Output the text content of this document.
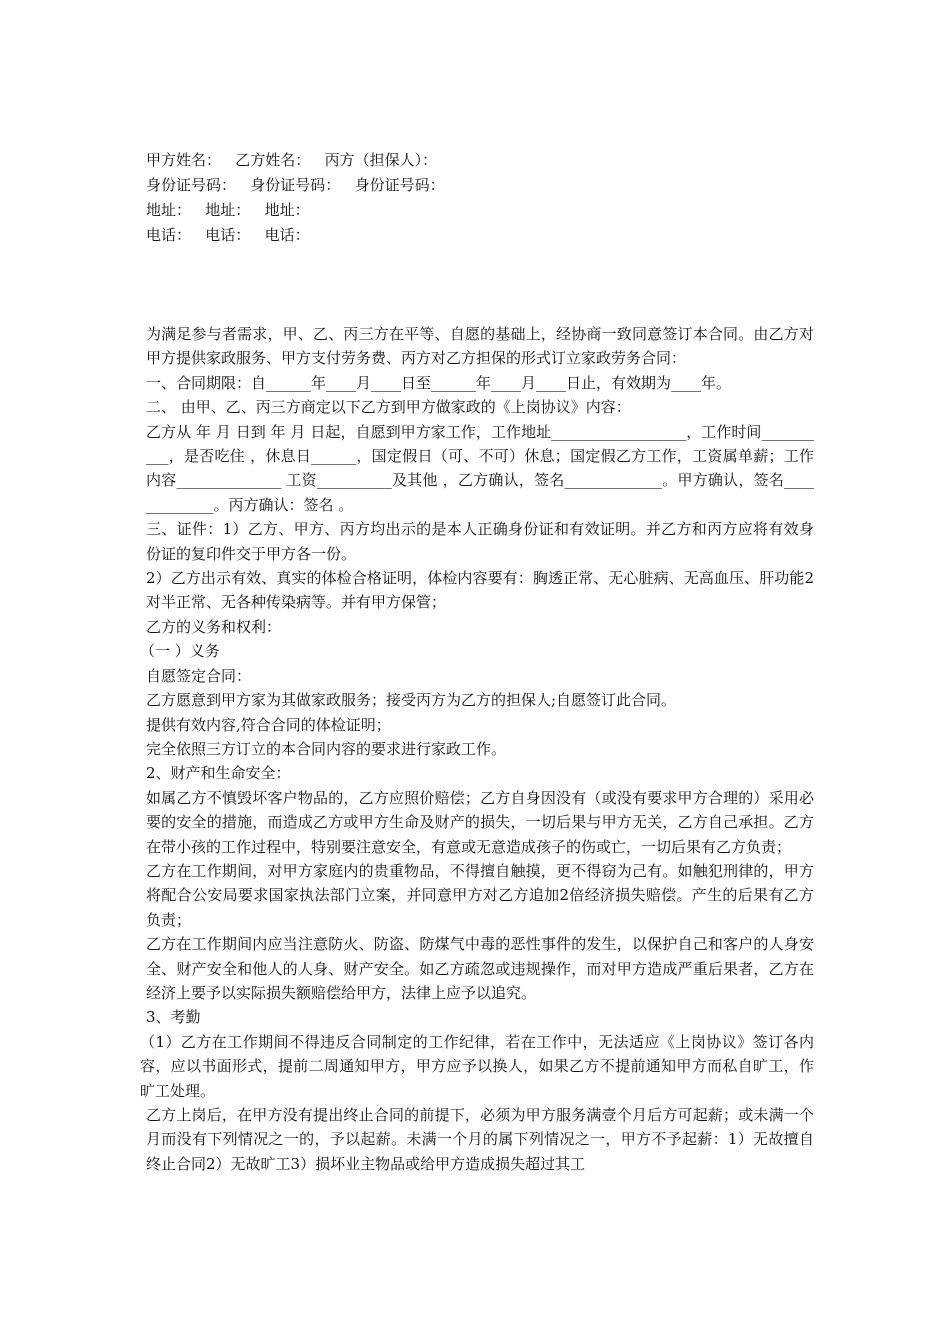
甲方姓名：   乙方姓名：   丙方（担保人）：
身份证号码：   身份证号码：   身份证号码：
地址：   地址：   地址：
电话：   电话：   电话：

为满足参与者需求，甲、乙、丙三方在平等、自愿的基础上，经协商一致同意签订本合同。由乙方对甲方提供家政服务、甲方支付劳务费、丙方对乙方担保的形式订立家政劳务合同：

一、合同期限：自______年____月____日至______年____月____日止，有效期为____年。

二、 由甲、乙、丙三方商定以下乙方到甲方做家政的《上岗协议》内容：

乙方从 年 月 日到 年 月 日起，自愿到甲方家工作，工作地址__________________，工作时间__________，是否吃住 ，休息日______，国定假日（可、不可）休息；国定假乙方工作，工资属单薪；工作内容______________ 工资__________及其他 ，乙方确认，签名_____________。甲方确认，签名_____________。丙方确认：签名 。

三、证件：1）乙方、甲方、丙方均出示的是本人正确身份证和有效证明。并乙方和丙方应将有效身份证的复印件交于甲方各一份。

2）乙方出示有效、真实的体检合格证明，体检内容要有：胸透正常、无心脏病、无高血压、肝功能2对半正常、无各种传染病等。并有甲方保管；

乙方的义务和权利：

（一 ）义务

自愿签定合同：

乙方愿意到甲方家为其做家政服务；接受丙方为乙方的担保人;自愿签订此合同。

提供有效内容,符合合同的体检证明；

完全依照三方订立的本合同内容的要求进行家政工作。

2、财产和生命安全：

如属乙方不慎毁坏客户物品的，乙方应照价赔偿；乙方自身因没有（或没有要求甲方合理的）采用必要的安全的措施，而造成乙方或甲方生命及财产的损失，一切后果与甲方无关，乙方自己承担。乙方在带小孩的工作过程中，特别要注意安全，有意或无意造成孩子的伤或亡，一切后果有乙方负责；

乙方在工作期间，对甲方家庭内的贵重物品，不得擅自触摸，更不得窃为己有。如触犯刑律的，甲方将配合公安局要求国家执法部门立案，并同意甲方对乙方追加2倍经济损失赔偿。产生的后果有乙方负责；

乙方在工作期间内应当注意防火、防盗、防煤气中毒的恶性事件的发生，以保护自己和客户的人身安全、财产安全和他人的人身、财产安全。如乙方疏忽或违规操作，而对甲方造成严重后果者，乙方在经济上要予以实际损失额赔偿给甲方，法律上应予以追究。

3、考勤

（1）乙方在工作期间不得违反合同制定的工作纪律，若在工作中，无法适应《上岗协议》签订各内容，应以书面形式，提前二周通知甲方，甲方应予以换人，如果乙方不提前通知甲方而私自旷工，作旷工处理。

乙方上岗后，在甲方没有提出终止合同的前提下，必须为甲方服务满壹个月后方可起薪；或未满一个月而没有下列情况之一的，予以起薪。未满一个月的属下列情况之一，甲方不予起薪：1）无故擅自终止合同2）无故旷工3）损坏业主物品或给甲方造成损失超过其工
